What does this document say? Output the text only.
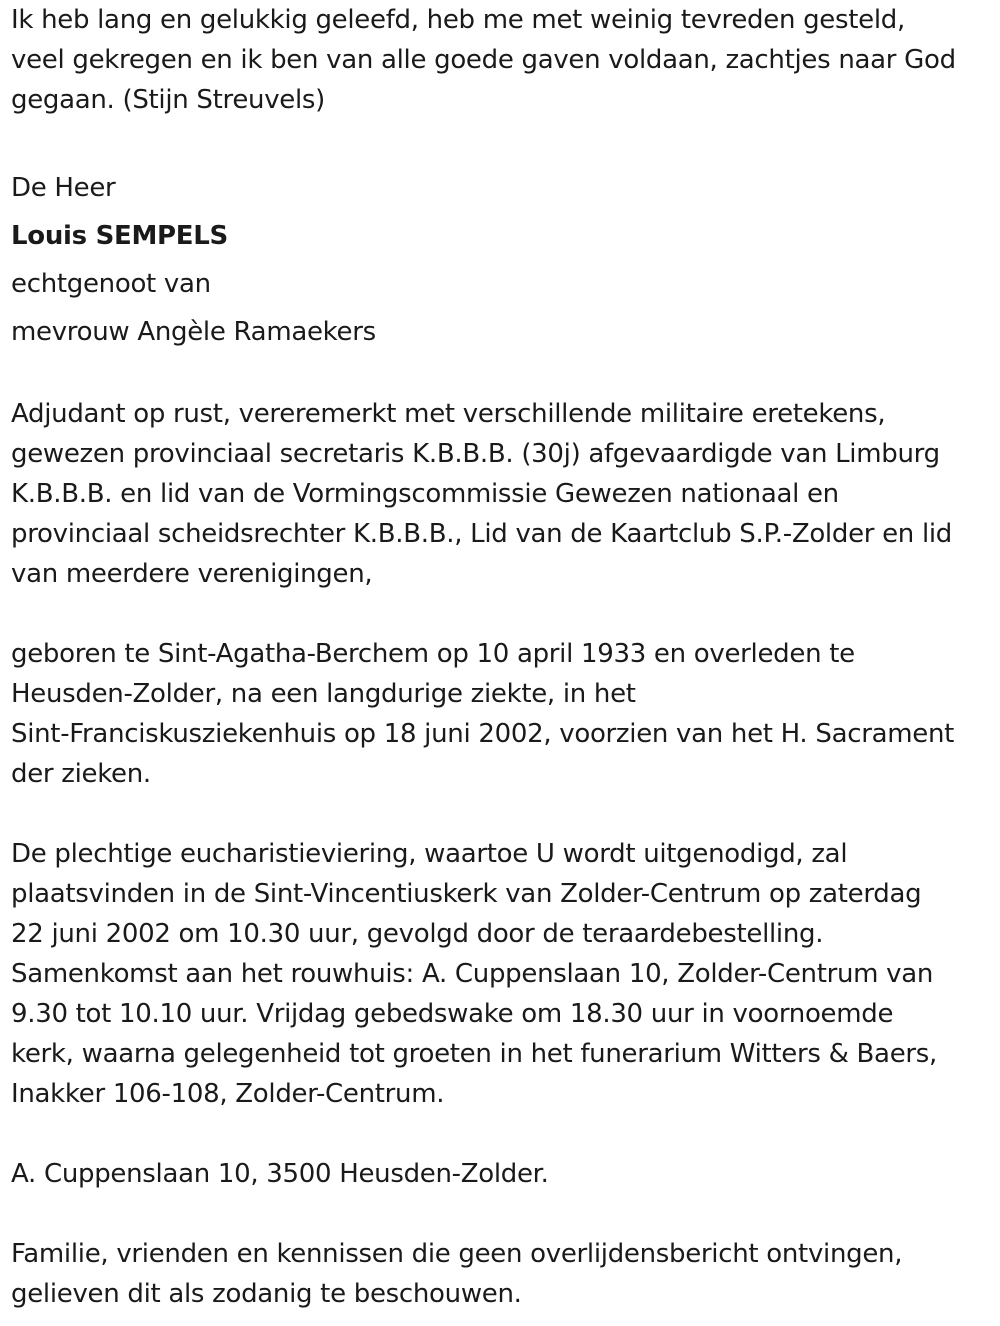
Ik heb lang en gelukkig geleefd, heb me met weinig tevreden gesteld,
veel gekregen en ik ben van alle goede gaven voldaan, zachtjes naar God
gegaan. (Stijn Streuvels)
De Heer
Louis SEMPELS
echtgenoot van
mevrouw Angèle Ramaekers
Adjudant op rust, vereremerkt met verschillende militaire eretekens,
gewezen provinciaal secretaris K.B.B.B. (30j) afgevaardigde van Limburg
K.B.B.B. en lid van de Vormingscommissie Gewezen nationaal en
provinciaal scheidsrechter K.B.B.B., Lid van de Kaartclub S.P.-Zolder en lid
van meerdere verenigingen,
geboren te Sint-Agatha-Berchem op 10 april 1933 en overleden te
Heusden-Zolder, na een langdurige ziekte, in het
Sint-Franciskusziekenhuis op 18 juni 2002, voorzien van het H. Sacrament
der zieken.
De plechtige eucharistieviering, waartoe U wordt uitgenodigd, zal
plaatsvinden in de Sint-Vincentiuskerk van Zolder-Centrum op zaterdag
22 juni 2002 om 10.30 uur, gevolgd door de teraardebestelling.
Samenkomst aan het rouwhuis: A. Cuppenslaan 10, Zolder-Centrum van
9.30 tot 10.10 uur. Vrijdag gebedswake om 18.30 uur in voornoemde
kerk, waarna gelegenheid tot groeten in het funerarium Witters & Baers,
Inakker 106-108, Zolder-Centrum.
A. Cuppenslaan 10, 3500 Heusden-Zolder.
Familie, vrienden en kennissen die geen overlijdensbericht ontvingen,
gelieven dit als zodanig te beschouwen.
